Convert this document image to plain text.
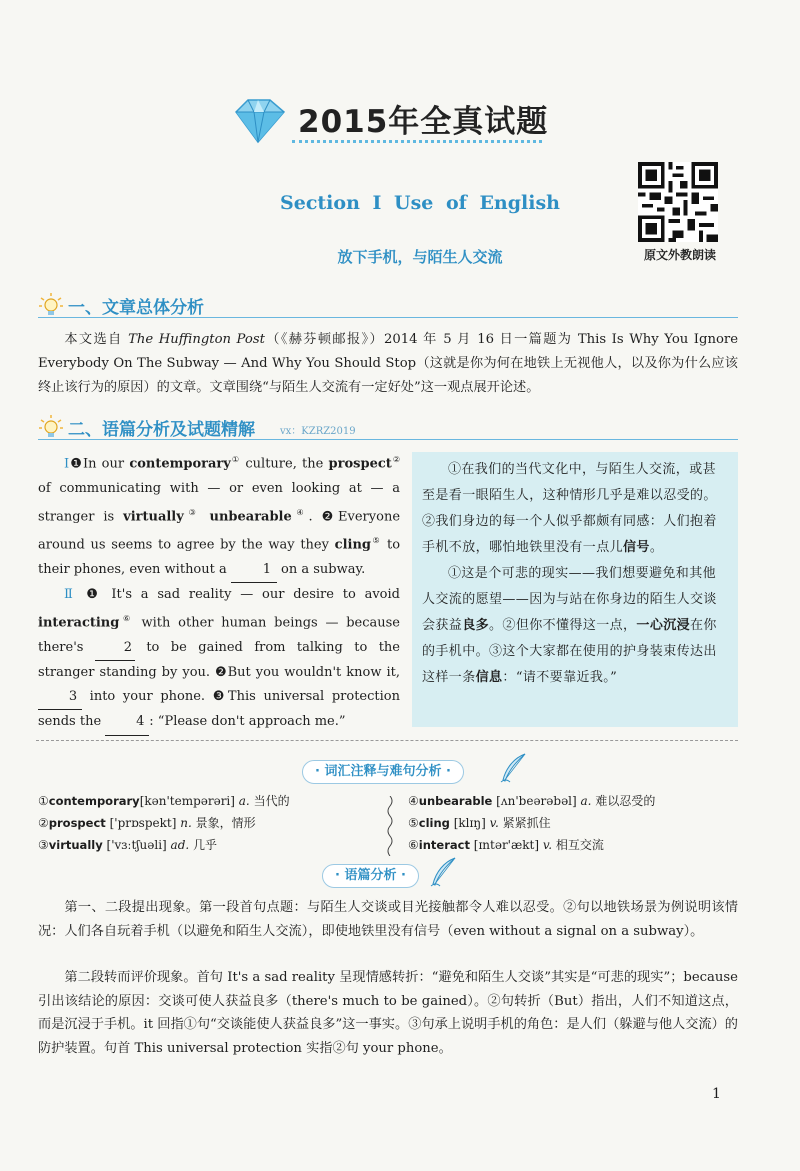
2015年全真试题
原文外教朗读
Section Ⅰ Use of English
放下手机，与陌生人交流
一、文章总体分析
本文选自 The Huffington Post（《赫芬顿邮报》）2014 年 5 月 16 日一篇题为 This Is Why You Ignore Everybody On The Subway — And Why You Should Stop（这就是你为何在地铁上无视他人，以及你为什么应该终止该行为的原因）的文章。文章围绕“与陌生人交流有一定好处”这一观点展开论述。
二、语篇分析及试题精解	vx：KZRZ2019

Ⅰ❶In our contemporary① culture, the prospect② of communicating with — or even looking at — a stranger is virtually③ unbearable④. ❷Everyone around us seems to agree by the way they cling⑤ to their phones, even without a 1 on a subway.

Ⅱ ❶ It's a sad reality — our desire to avoid interacting⑥ with other human beings — because there's 2 to be gained from talking to the stranger standing by you. ❷But you wouldn't know it, 3 into your phone. ❸This universal protection sends the 4 : “Please don't approach me.”

①在我们的当代文化中，与陌生人交流，或甚至是看一眼陌生人，这种情形几乎是难以忍受的。②我们身边的每一个人似乎都颇有同感：人们抱着手机不放，哪怕地铁里没有一点儿信号。

①这是个可悲的现实——我们想要避免和其他人交流的愿望——因为与站在你身边的陌生人交谈会获益良多。②但你不懂得这一点，一心沉浸在你的手机中。③这个大家都在使用的护身装束传达出这样一条信息：“请不要靠近我。”

· 词汇注释与难句分析 ·
①contemporary[kən'tempərəri] a. 当代的
②prospect ['prɒspekt] n. 景象，情形
③virtually ['vɜːtʃuəli] ad. 几乎
④unbearable [ʌn'beərəbəl] a. 难以忍受的
⑤cling [klɪŋ] v. 紧紧抓住
⑥interact [ɪntər'ækt] v. 相互交流
· 语篇分析 ·
第一、二段提出现象。第一段首句点题：与陌生人交谈或目光接触都令人难以忍受。②句以地铁场景为例说明该情况：人们各自玩着手机（以避免和陌生人交流），即使地铁里没有信号（even without a signal on a subway）。
第二段转而评价现象。首句 It's a sad reality 呈现情感转折：“避免和陌生人交谈”其实是“可悲的现实”；because 引出该结论的原因：交谈可使人获益良多（there's much to be gained）。②句转折（But）指出，人们不知道这点，而是沉浸于手机。it 回指①句“交谈能使人获益良多”这一事实。③句承上说明手机的角色：是人们（躲避与他人交流）的防护装置。句首 This universal protection 实指②句 your phone。
1
